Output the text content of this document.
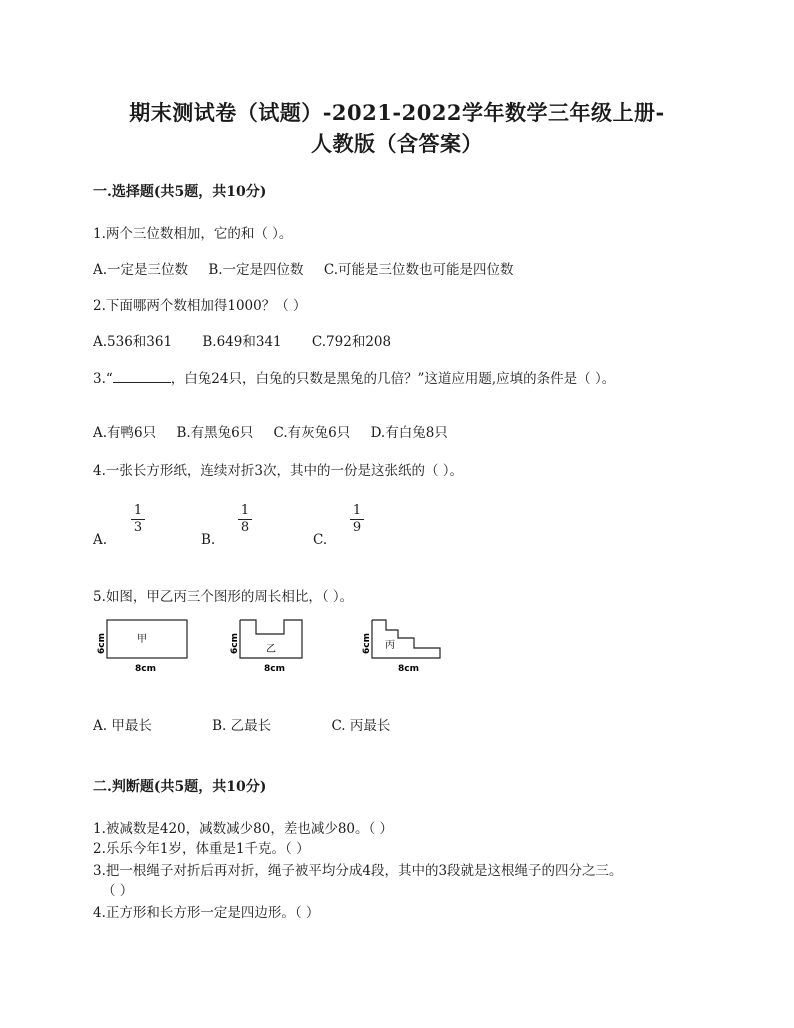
期末测试卷（试题）-2021-2022学年数学三年级上册-
人教版（含答案）
一.选择题(共5题，共10分)
1.两个三位数相加，它的和（ ）。
A.一定是三位数 B.一定是四位数 C.可能是三位数也可能是四位数
2.下面哪两个数相加得1000？（ ）
A.536和361 B.649和341 C.792和208
3.“	，白兔24只，白兔的只数是黑兔的几倍？”这道应用题,应填的条件是（ ）。
A.有鸭6只 B.有黑兔6只 C.有灰兔6只 D.有白兔8只
4.一张长方形纸，连续对折3次，其中的一份是这张纸的（ ）。
A.
1
3
B.
1
8
C.
1
9
5.如图，甲乙丙三个图形的周长相比，（ ）。
甲
6cm
8cm
乙
6cm
8cm
丙
6cm
8cm
A. 甲最长	B. 乙最长	C. 丙最长
二.判断题(共5题，共10分)
1.被减数是420，减数减少80，差也减少80。（ ）
2.乐乐今年1岁，体重是1千克。（ ）
3.把一根绳子对折后再对折，绳子被平均分成4段，其中的3段就是这根绳子的四分之三。
（ ）
4.正方形和长方形一定是四边形。（ ）
